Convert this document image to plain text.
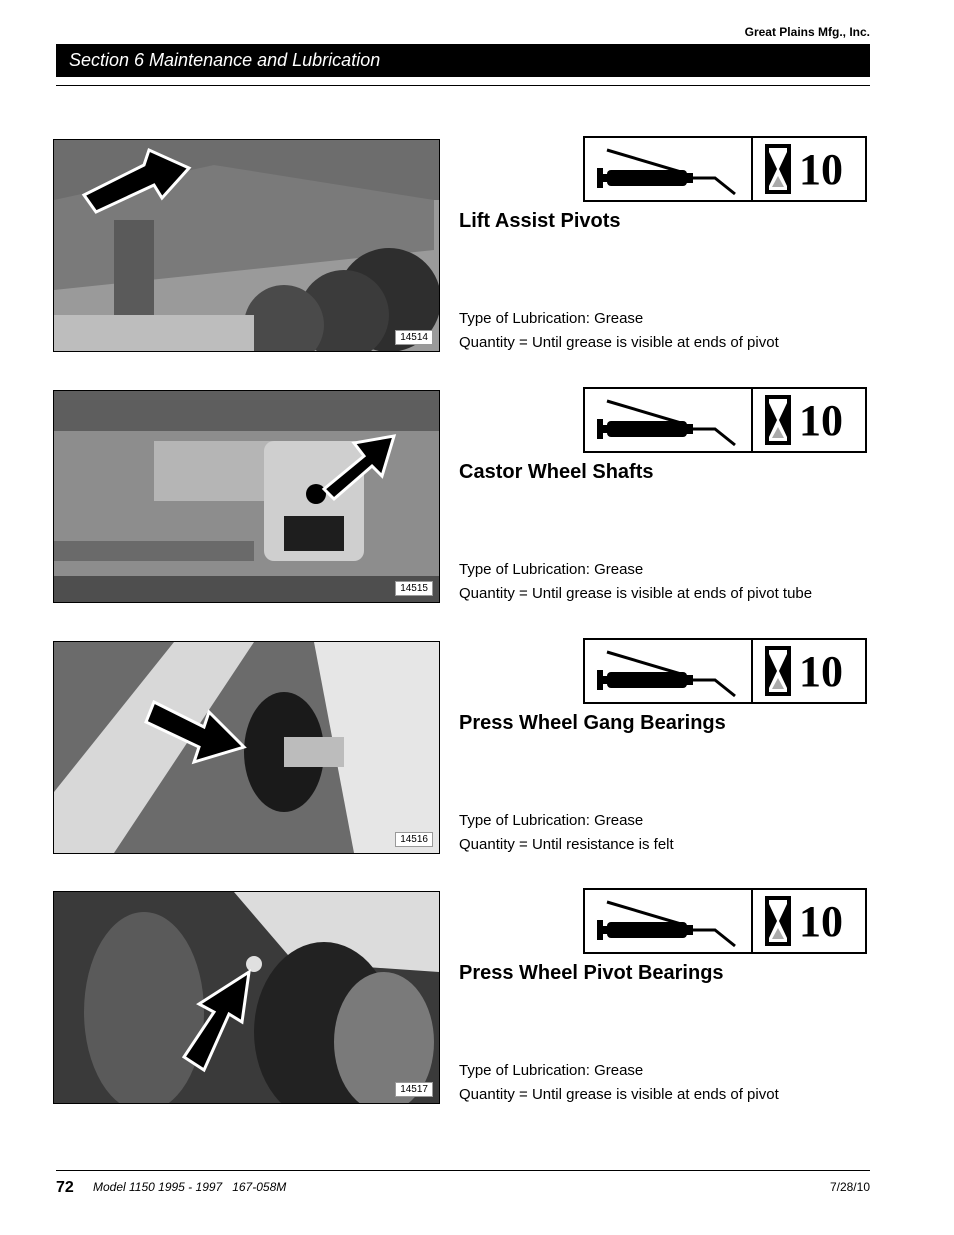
Great Plains Mfg., Inc.
Section 6 Maintenance and Lubrication
14514
10
Lift Assist Pivots
Type of Lubrication: Grease
Quantity = Until grease is visible at ends of pivot
14515
10
Castor Wheel Shafts
Type of Lubrication: Grease
Quantity = Until grease is visible at ends of pivot tube
14516
10
Press Wheel Gang Bearings
Type of Lubrication: Grease
Quantity = Until resistance is felt
14517
10
Press Wheel Pivot Bearings
Type of Lubrication: Grease
Quantity = Until grease is visible at ends of pivot
72 Model 1150 1995 - 1997   167-058M	7/28/10
